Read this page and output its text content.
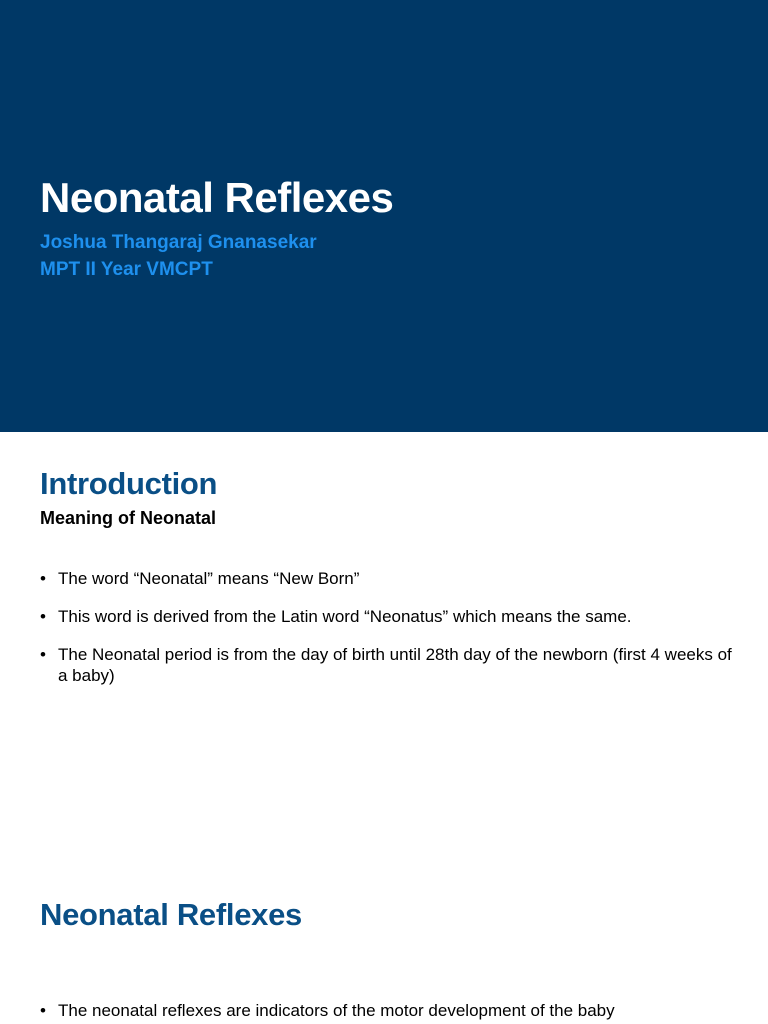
Neonatal Reflexes

Joshua Thangaraj Gnanasekar

MPT II Year VMCPT

Introduction
Meaning of Neonatal
• The word “Neonatal” means “New Born”
• This word is derived from the Latin word “Neonatus” which means the same.
• The Neonatal period is from the day of birth until 28th day of the newborn (first 4 weeks of a baby)
Neonatal Reflexes
• The neonatal reflexes are indicators of the motor development of the baby
